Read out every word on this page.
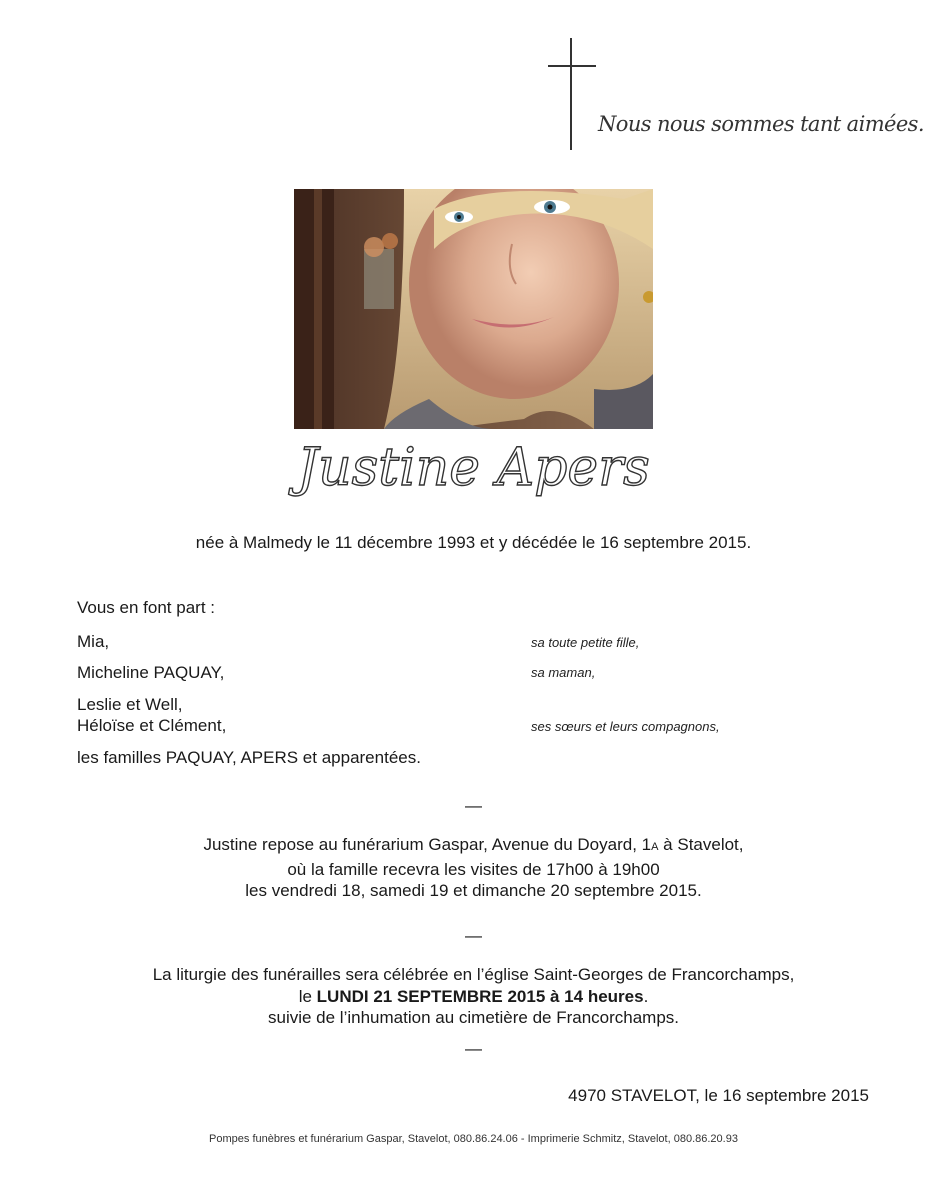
Nous nous sommes tant aimées.
Justine Apers
née à Malmedy le 11 décembre 1993 et y décédée le 16 septembre 2015.
Vous en font part :
Mia,	sa toute petite fille,
Micheline PAQUAY,	sa maman,
Leslie et Well,
Héloïse et Clément,	ses sœurs et leurs compagnons,
les familles PAQUAY, APERS et apparentées.
—
Justine repose au funérarium Gaspar, Avenue du Doyard, 1A à Stavelot,
où la famille recevra les visites de 17h00 à 19h00
les vendredi 18, samedi 19 et dimanche 20 septembre 2015.
—
La liturgie des funérailles sera célébrée en l’église Saint-Georges de Francorchamps,
le LUNDI 21 SEPTEMBRE 2015 à 14 heures.
suivie de l’inhumation au cimetière de Francorchamps.
—
4970 STAVELOT, le 16 septembre 2015
Pompes funèbres et funérarium Gaspar, Stavelot, 080.86.24.06 - Imprimerie Schmitz, Stavelot, 080.86.20.93
